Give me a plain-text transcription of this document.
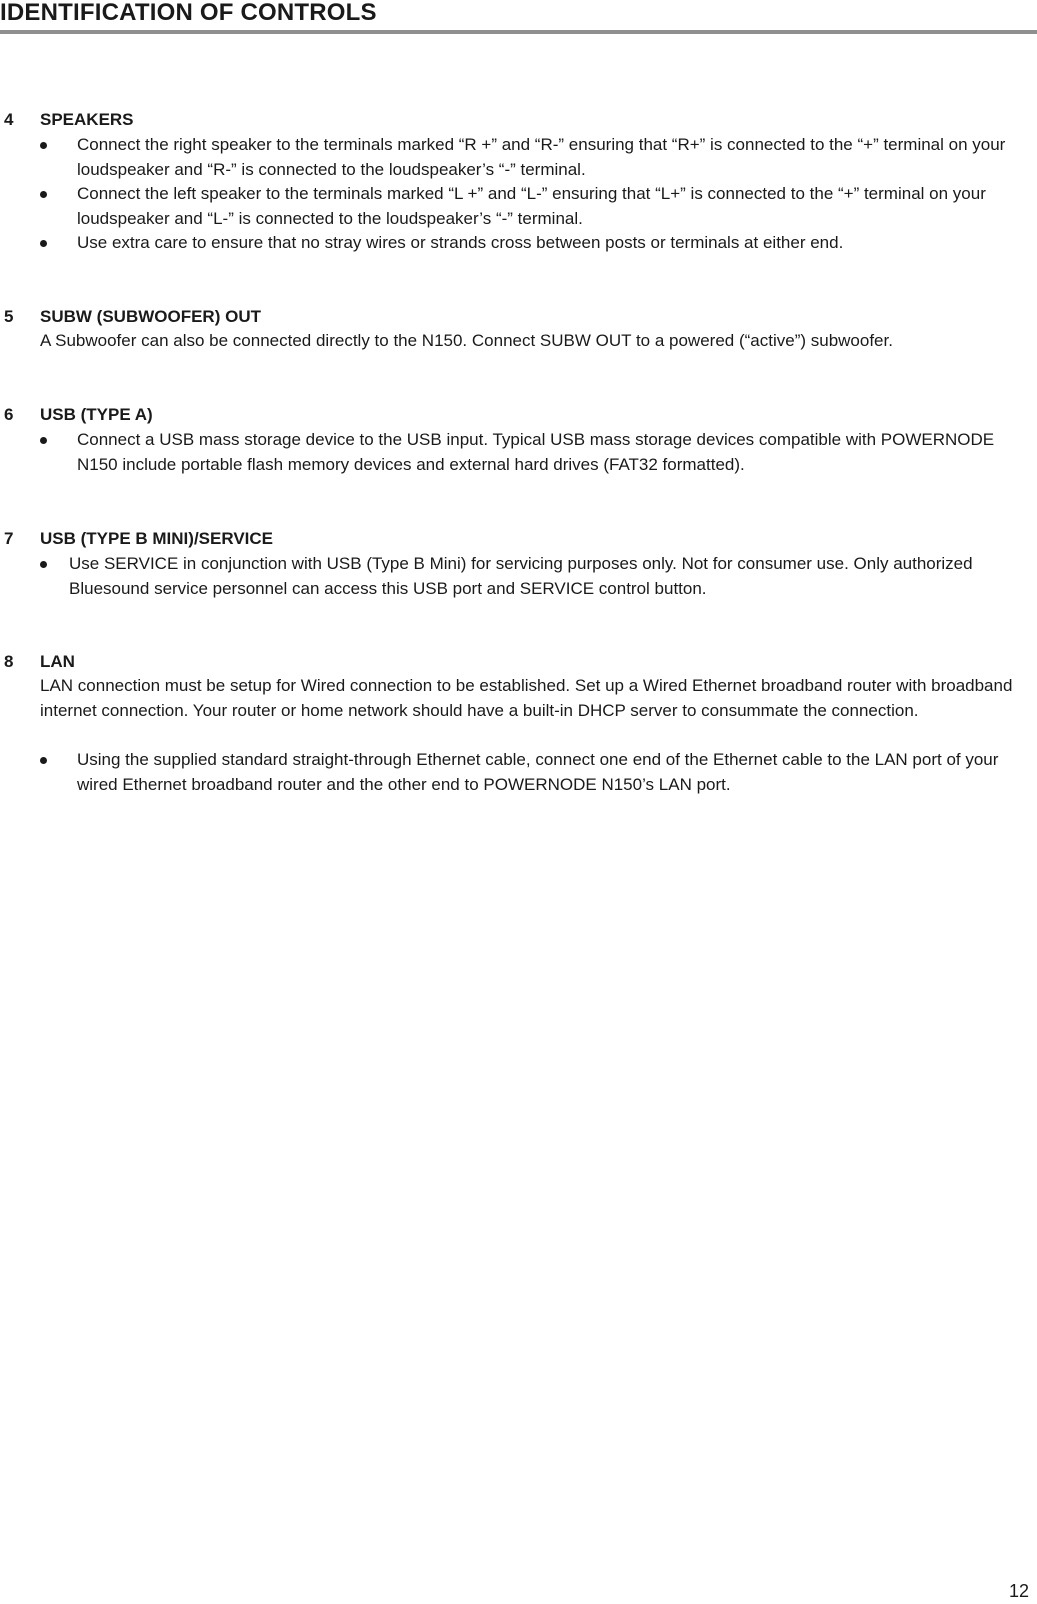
IDENTIFICATION OF CONTROLS
4 SPEAKERS
Connect the right speaker to the terminals marked “R +” and “R-” ensuring that “R+” is connected to the “+” terminal on your loudspeaker and “R-” is connected to the loudspeaker’s “-” terminal.
Connect the left speaker to the terminals marked “L +” and “L-” ensuring that “L+” is connected to the “+” terminal on your loudspeaker and “L-” is connected to the loudspeaker’s “-” terminal.
Use extra care to ensure that no stray wires or strands cross between posts or terminals at either end.
5 SUBW (SUBWOOFER) OUT

A Subwoofer can also be connected directly to the N150. Connect SUBW OUT to a powered (“active”) subwoofer.

6 USB (TYPE A)
Connect a USB mass storage device to the USB input. Typical USB mass storage devices compatible with POWERNODE N150 include portable flash memory devices and external hard drives (FAT32 formatted).
7 USB (TYPE B MINI)/SERVICE
Use SERVICE in conjunction with USB (Type B Mini) for servicing purposes only. Not for consumer use. Only authorized Bluesound service personnel can access this USB port and SERVICE control button.
8 LAN

LAN connection must be setup for Wired connection to be established. Set up a Wired Ethernet broadband router with broadband internet connection. Your router or home network should have a built-in DHCP server to consummate the connection.

Using the supplied standard straight-through Ethernet cable, connect one end of the Ethernet cable to the LAN port of your wired Ethernet broadband router and the other end to POWERNODE N150’s LAN port.
12
